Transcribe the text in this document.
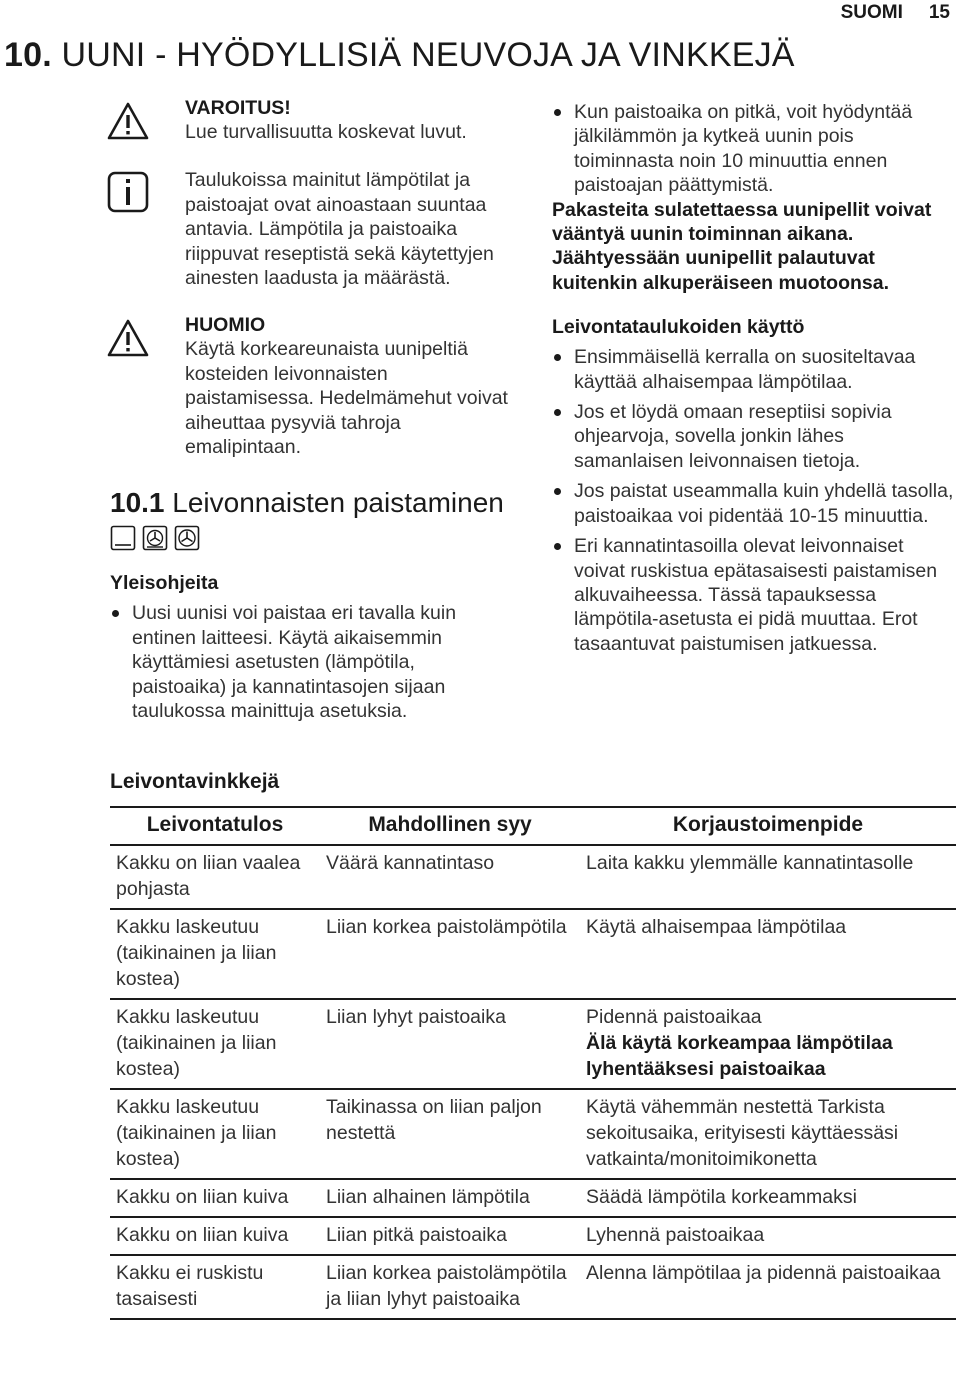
SUOMI 15
10. UUNI - HYÖDYLLISIÄ NEUVOJA JA VINKKEJÄ
VAROITUS!

Lue turvallisuutta koskevat luvut.

Taulukoissa mainitut lämpötilat ja paistoajat ovat ainoastaan suuntaa antavia. Lämpötila ja paistoaika riippuvat reseptistä sekä käytettyjen ainesten laadusta ja määrästä.

HUOMIO

Käytä korkeareunaista uunipeltiä kosteiden leivonnaisten paistamisessa. Hedelmämehut voivat aiheuttaa pysyviä tahroja emalipintaan.

10.1 Leivonnaisten paistaminen
Yleisohjeita
Uusi uunisi voi paistaa eri tavalla kuin entinen laitteesi. Käytä aikaisemmin käyttämiesi asetusten (lämpötila, paistoaika) ja kannatintasojen sijaan taulukossa mainittuja asetuksia.
Kun paistoaika on pitkä, voit hyödyntää jälkilämmön ja kytkeä uunin pois toiminnasta noin 10 minuuttia ennen paistoajan päättymistä.

Pakasteita sulatettaessa uunipellit voivat vääntyä uunin toiminnan aikana. Jäähtyessään uunipellit palautuvat kuitenkin alkuperäiseen muotoonsa.

Leivontataulukoiden käyttö
Ensimmäisellä kerralla on suositeltavaa käyttää alhaisempaa lämpötilaa.
Jos et löydä omaan reseptiisi sopivia ohjearvoja, sovella jonkin lähes samanlaisen leivonnaisen tietoja.
Jos paistat useammalla kuin yhdellä tasolla, paistoaikaa voi pidentää 10-15 minuuttia.
Eri kannatintasoilla olevat leivonnaiset voivat ruskistua epätasaisesti paistamisen alkuvaiheessa. Tässä tapauksessa lämpötila-asetusta ei pidä muuttaa. Erot tasaantuvat paistumisen jatkuessa.
Leivontavinkkejä
Leivontatulos	Mahdollinen syy	Korjaustoimenpide
Kakku on liian vaalea pohjasta	Väärä kannatintaso	Laita kakku ylemmälle kannatintasolle
Kakku laskeutuu (taikinainen ja liian kostea)	Liian korkea paistolämpötila	Käytä alhaisempaa lämpötilaa
Kakku laskeutuu (taikinainen ja liian kostea)	Liian lyhyt paistoaika	Pidennä paistoaikaa
Älä käytä korkeampaa lämpötilaa lyhentääksesi paistoaikaa

Kakku laskeutuu (taikinainen ja liian kostea)	Taikinassa on liian paljon nestettä	Käytä vähemmän nestettä Tarkista sekoitusaika, erityisesti käyttäessäsi vatkainta/monitoimikonetta
Kakku on liian kuiva	Liian alhainen lämpötila	Säädä lämpötila korkeammaksi
Kakku on liian kuiva	Liian pitkä paistoaika	Lyhennä paistoaikaa
Kakku ei ruskistu tasaisesti	Liian korkea paistolämpötila ja liian lyhyt paistoaika	Alenna lämpötilaa ja pidennä paistoaikaa
